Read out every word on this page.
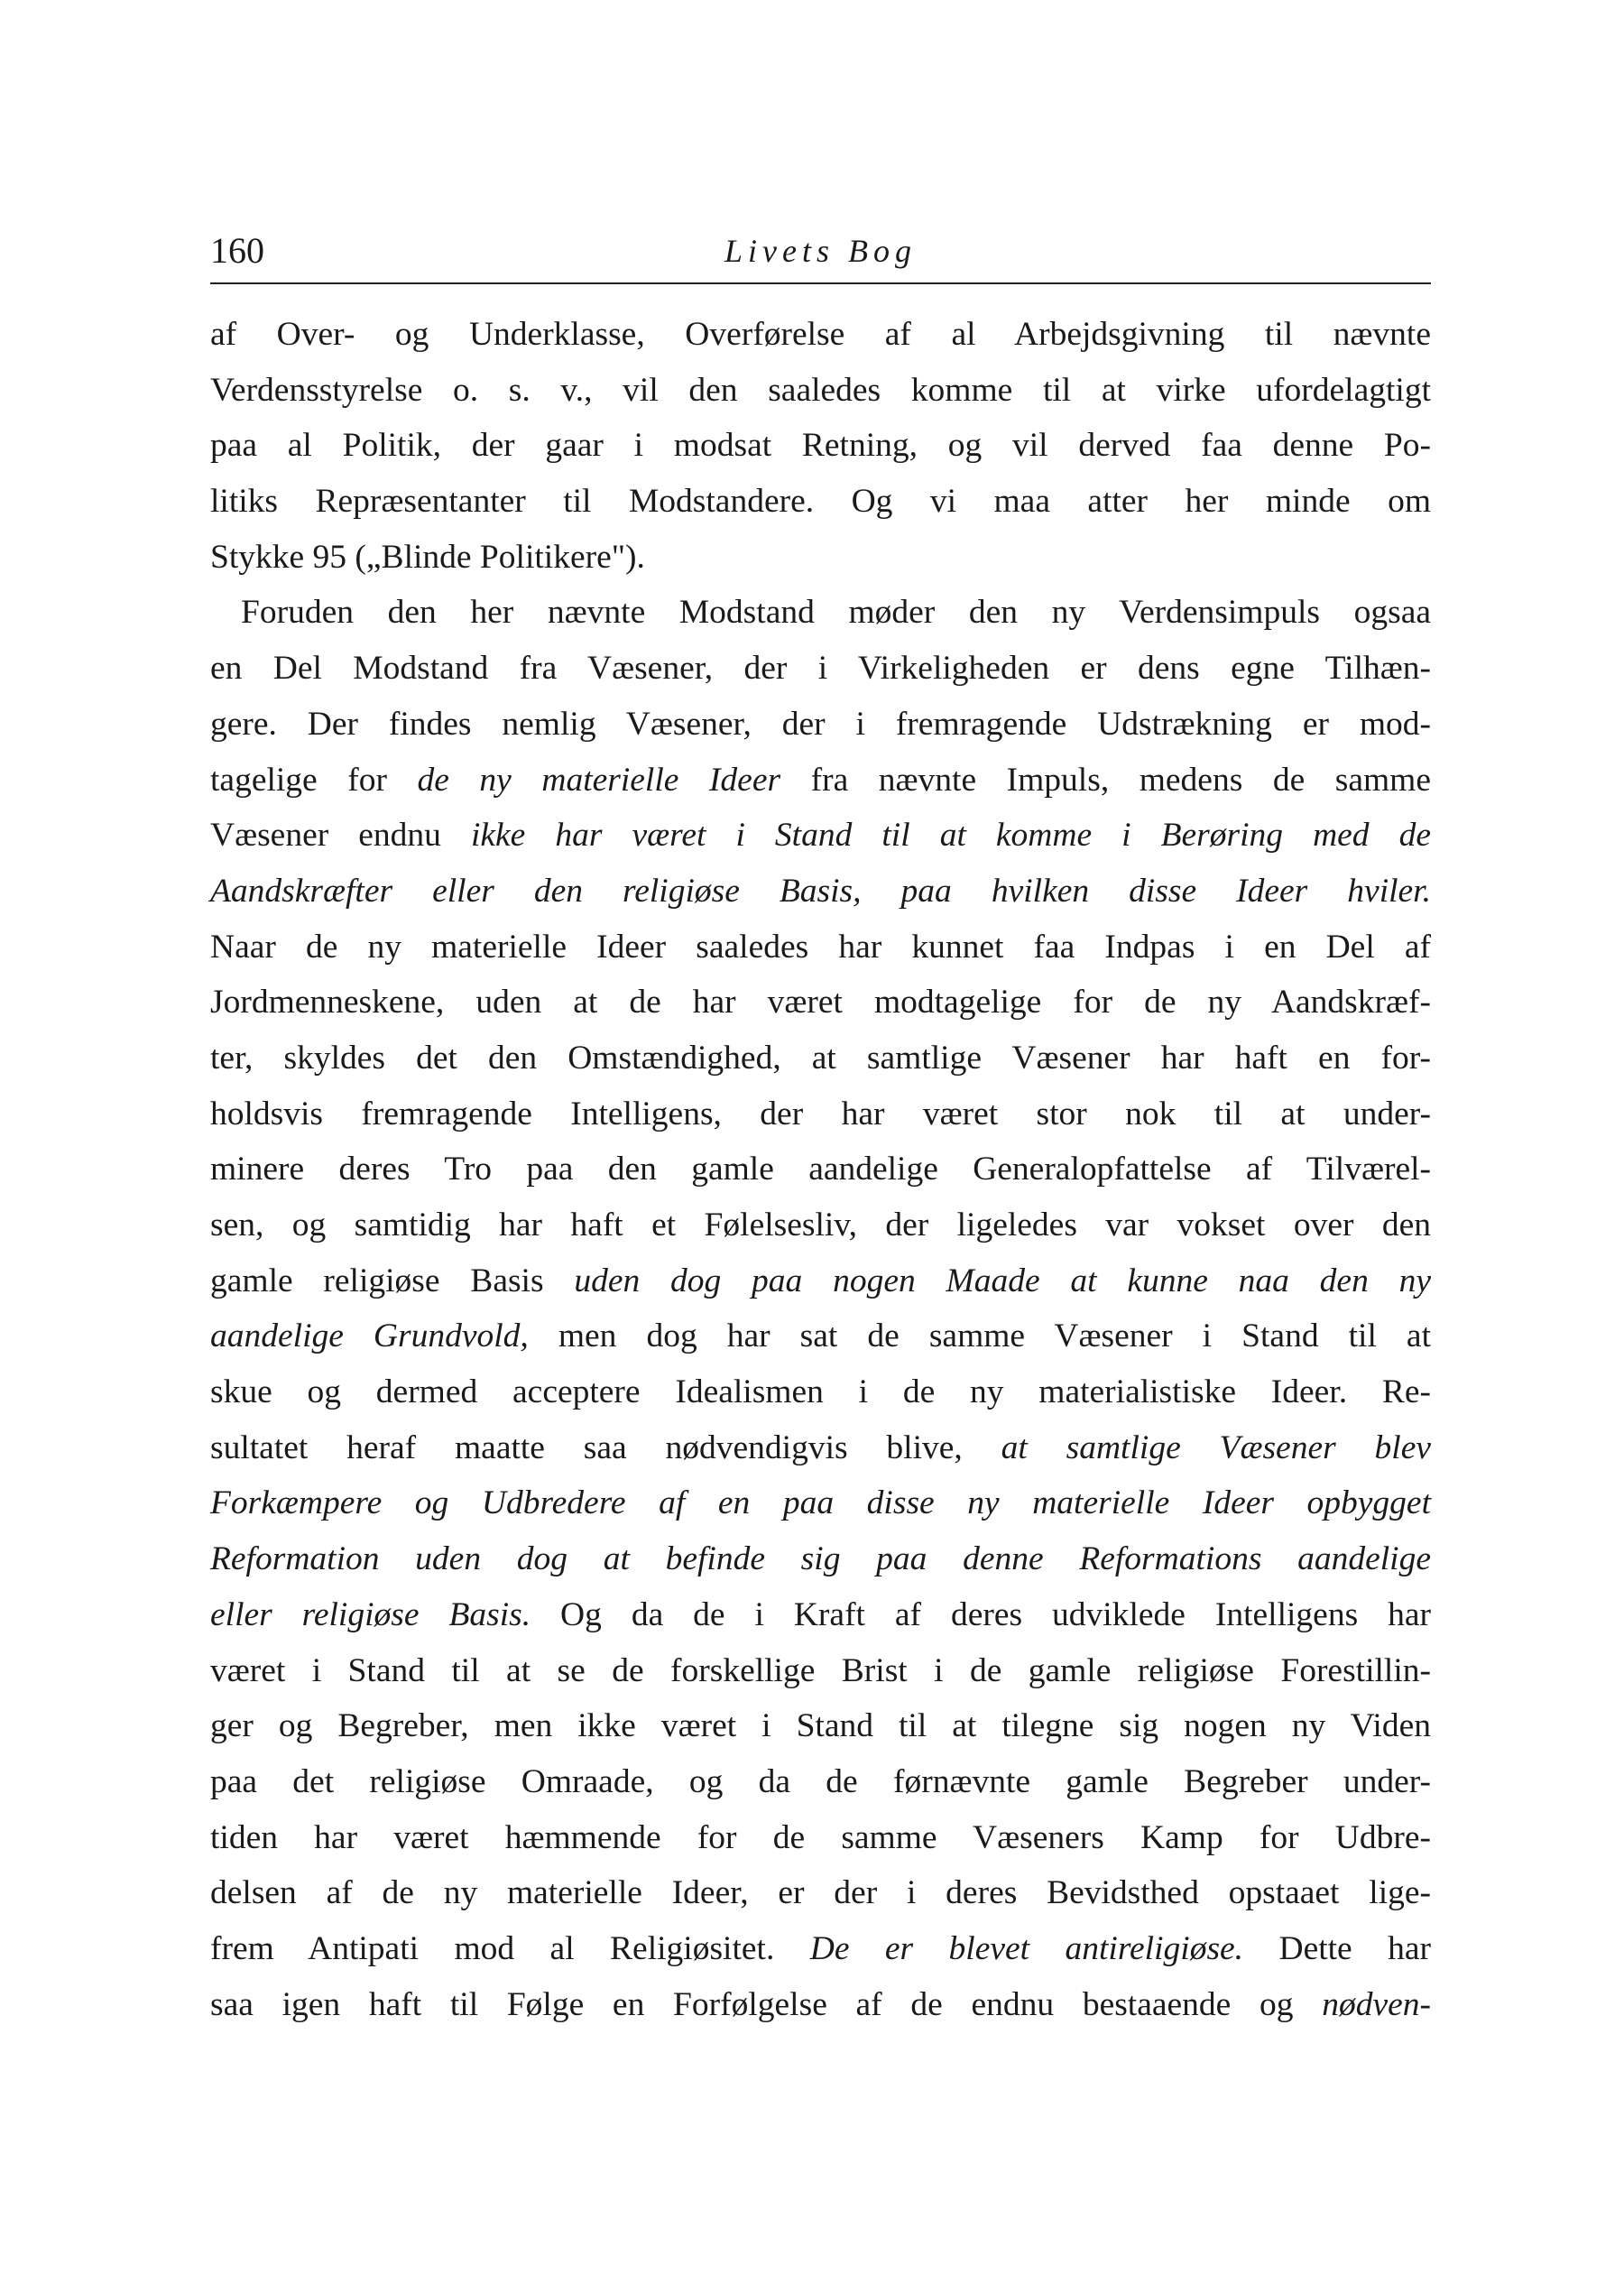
160	Livets Bog
af Over- og Underklasse, Overførelse af al Arbejdsgivning til nævnte
Verdensstyrelse o. s. v., vil den saaledes komme til at virke ufordelagtigt
paa al Politik, der gaar i modsat Retning, og vil derved faa denne Po-
litiks Repræsentanter til Modstandere. Og vi maa atter her minde om
Stykke 95 („Blinde Politikere").
Foruden den her nævnte Modstand møder den ny Verdensimpuls ogsaa
en Del Modstand fra Væsener, der i Virkeligheden er dens egne Tilhæn-
gere. Der findes nemlig Væsener, der i fremragende Udstrækning er mod-
tagelige for de ny materielle Ideer fra nævnte Impuls, medens de samme
Væsener endnu ikke har været i Stand til at komme i Berøring med de
Aandskræfter eller den religiøse Basis, paa hvilken disse Ideer hviler.
Naar de ny materielle Ideer saaledes har kunnet faa Indpas i en Del af
Jordmenneskene, uden at de har været modtagelige for de ny Aandskræf-
ter, skyldes det den Omstændighed, at samtlige Væsener har haft en for-
holdsvis fremragende Intelligens, der har været stor nok til at under-
minere deres Tro paa den gamle aandelige Generalopfattelse af Tilværel-
sen, og samtidig har haft et Følelsesliv, der ligeledes var vokset over den
gamle religiøse Basis uden dog paa nogen Maade at kunne naa den ny
aandelige Grundvold, men dog har sat de samme Væsener i Stand til at
skue og dermed acceptere Idealismen i de ny materialistiske Ideer. Re-
sultatet heraf maatte saa nødvendigvis blive, at samtlige Væsener blev
Forkæmpere og Udbredere af en paa disse ny materielle Ideer opbygget
Reformation uden dog at befinde sig paa denne Reformations aandelige
eller religiøse Basis. Og da de i Kraft af deres udviklede Intelligens har
været i Stand til at se de forskellige Brist i de gamle religiøse Forestillin-
ger og Begreber, men ikke været i Stand til at tilegne sig nogen ny Viden
paa det religiøse Omraade, og da de førnævnte gamle Begreber under-
tiden har været hæmmende for de samme Væseners Kamp for Udbre-
delsen af de ny materielle Ideer, er der i deres Bevidsthed opstaaet lige-
frem Antipati mod al Religiøsitet. De er blevet antireligiøse. Dette har
saa igen haft til Følge en Forfølgelse af de endnu bestaaende og nødven-
